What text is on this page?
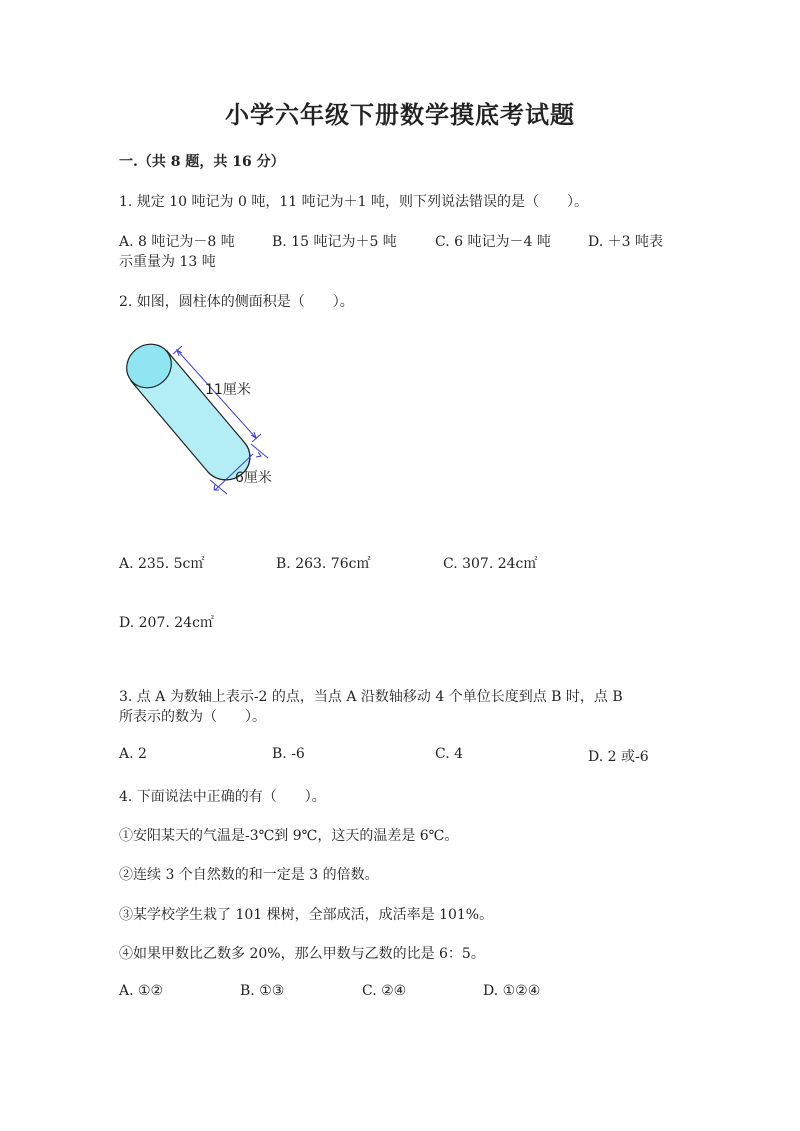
小学六年级下册数学摸底考试题
一.（共 8 题，共 16 分）
1. 规定 10 吨记为 0 吨，11 吨记为＋1 吨，则下列说法错误的是（　　）。
A. 8 吨记为－8 吨	B. 15 吨记为＋5 吨	C. 6 吨记为－4 吨	D. ＋3 吨表
示重量为 13 吨
2. 如图，圆柱体的侧面积是（　　）。
11厘米
6厘米
A. 235. 5c㎡	B. 263. 76c㎡	C. 307. 24c㎡
D. 207. 24c㎡
3. 点 A 为数轴上表示-2 的点，当点 A 沿数轴移动 4 个单位长度到点 B 时，点 B
所表示的数为（　　）。
A. 2	B. -6	C. 4	D. 2 或-6
4. 下面说法中正确的有（　　）。
①安阳某天的气温是-3℃到 9℃，这天的温差是 6℃。
②连续 3 个自然数的和一定是 3 的倍数。
③某学校学生栽了 101 棵树，全部成活，成活率是 101%。
④如果甲数比乙数多 20%，那么甲数与乙数的比是 6：5。
A. ①②	B. ①③	C. ②④	D. ①②④
